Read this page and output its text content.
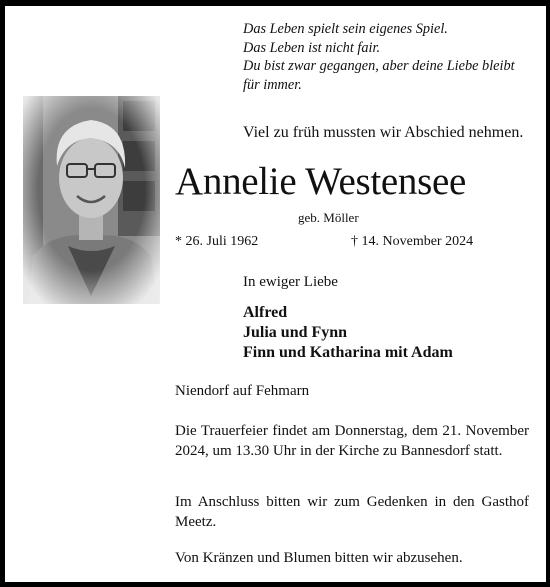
Das Leben spielt sein eigenes Spiel.
Das Leben ist nicht fair.
Du bist zwar gegangen, aber deine Liebe bleibt
für immer.
Viel zu früh mussten wir Abschied nehmen.
Annelie Westensee
geb. Möller
* 26. Juli 1962	† 14. November 2024
In ewiger Liebe
Alfred
Julia und Fynn
Finn und Katharina mit Adam
Niendorf auf Fehmarn
Die Trauerfeier findet am Donnerstag, dem 21. November 2024, um 13.30 Uhr in der Kirche zu Bannesdorf statt.
Im Anschluss bitten wir zum Gedenken in den Gasthof Meetz.
Von Kränzen und Blumen bitten wir abzusehen.
